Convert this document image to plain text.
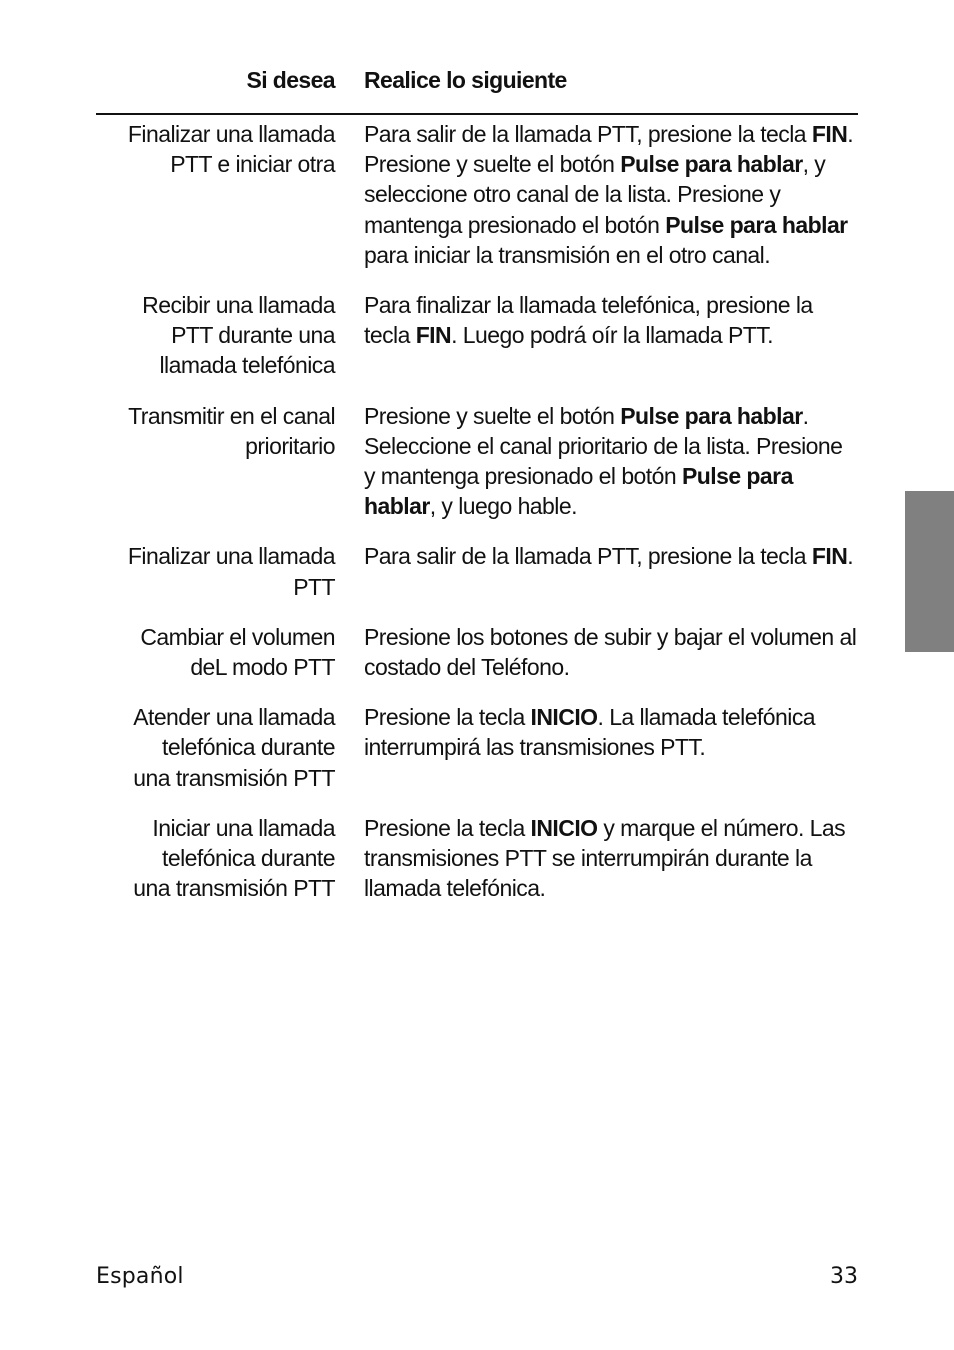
Si desea Realice lo siguiente
Finalizar una llamada
PTT e iniciar otra
Para salir de la llamada PTT, presione la tecla FIN. Presione y suelte el botón Pulse para hablar, y seleccione otro canal de la lista. Presione y mantenga presionado el botón Pulse para hablar para iniciar la transmisión en el otro canal.
Recibir una llamada
PTT durante una
llamada telefónica
Para finalizar la llamada telefónica, presione la tecla FIN. Luego podrá oír la llamada PTT.
Transmitir en el canal
prioritario
Presione y suelte el botón Pulse para hablar. Seleccione el canal prioritario de la lista. Presione y mantenga presionado el botón Pulse para hablar, y luego hable.
Finalizar una llamada
PTT
Para salir de la llamada PTT, presione la tecla FIN.
Cambiar el volumen
deL modo PTT
Presione los botones de subir y bajar el volumen al costado del Teléfono.
Atender una llamada
telefónica durante
una transmisión PTT
Presione la tecla INICIO. La llamada telefónica interrumpirá las transmisiones PTT.
Iniciar una llamada
telefónica durante
una transmisión PTT
Presione la tecla INICIO y marque el número. Las transmisiones PTT se interrumpirán durante la llamada telefónica.
Español	33
